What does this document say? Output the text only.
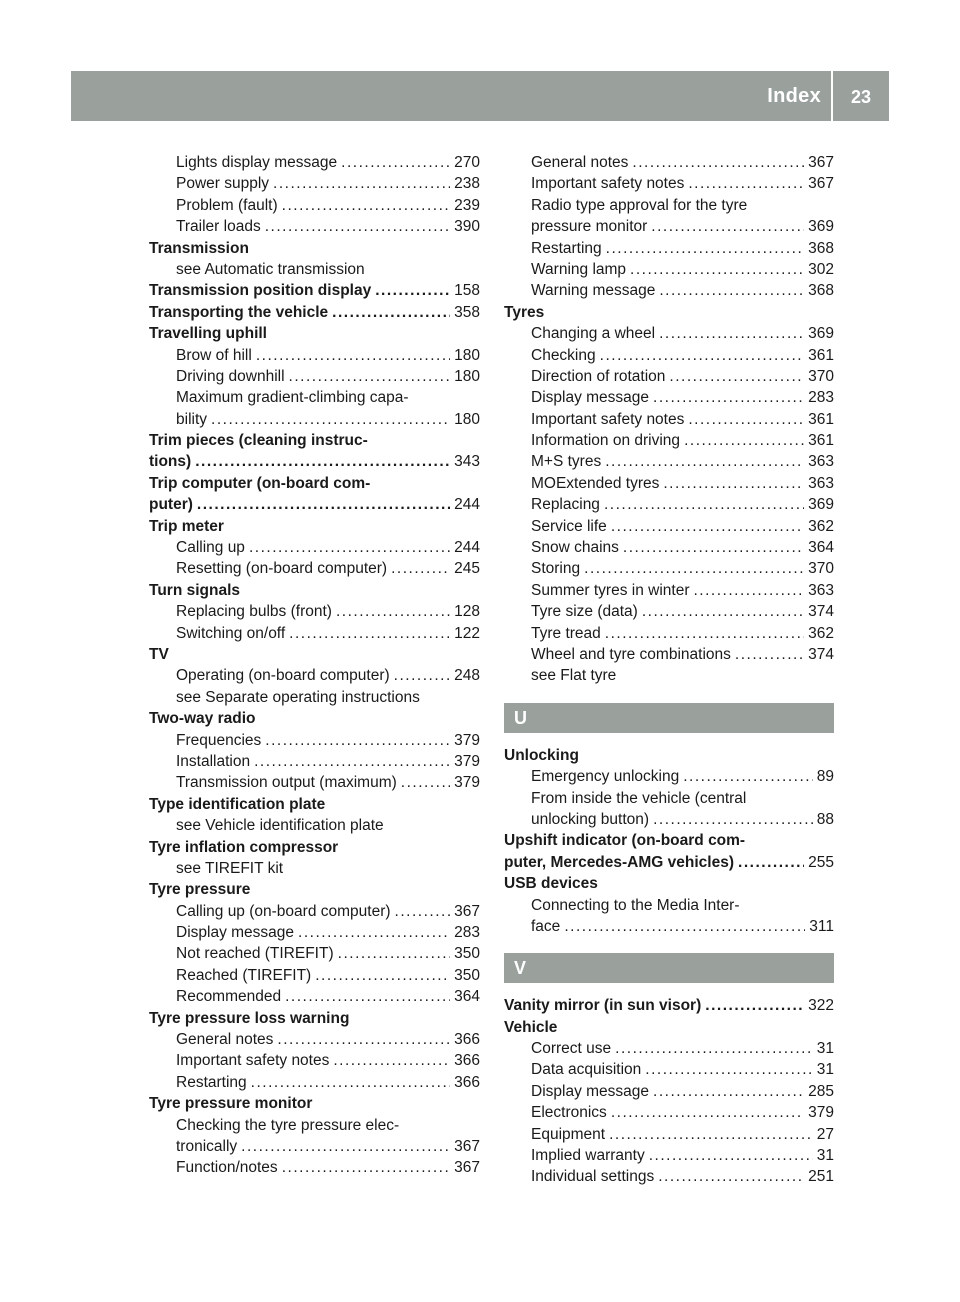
Index 23
Lights display message . . .	270
Power supply . . .	238
Problem (fault) . . .	239
Trailer loads . . .	390
Transmission
see Automatic transmission
Transmission position display . . .	158
Transporting the vehicle . . .	358
Travelling uphill
Brow of hill . . .	180
Driving downhill . . .	180
Maximum gradient-climbing capa-
bility . . .	180
Trim pieces (cleaning instruc-
tions) . . .	343
Trip computer (on-board com-
puter) . . .	244
Trip meter
Calling up . . .	244
Resetting (on-board computer) . . .	245
Turn signals
Replacing bulbs (front) . . .	128
Switching on/off . . .	122
TV
Operating (on-board computer) . . .	248
see Separate operating instructions
Two-way radio
Frequencies . . .	379
Installation . . .	379
Transmission output (maximum) . . .	379
Type identification plate
see Vehicle identification plate
Tyre inflation compressor
see TIREFIT kit
Tyre pressure
Calling up (on-board computer) . . .	367
Display message . . .	283
Not reached (TIREFIT) . . .	350
Reached (TIREFIT) . . .	350
Recommended . . .	364
Tyre pressure loss warning
General notes . . .	366
Important safety notes . . .	366
Restarting . . .	366
Tyre pressure monitor
Checking the tyre pressure elec-
tronically . . .	367
Function/notes . . .	367
General notes . . .	367
Important safety notes . . .	367
Radio type approval for the tyre
pressure monitor . . .	369
Restarting . . .	368
Warning lamp . . .	302
Warning message . . .	368
Tyres
Changing a wheel . . .	369
Checking . . .	361
Direction of rotation . . .	370
Display message . . .	283
Important safety notes . . .	361
Information on driving . . .	361
M+S tyres . . .	363
MOExtended tyres . . .	363
Replacing . . .	369
Service life . . .	362
Snow chains . . .	364
Storing . . .	370
Summer tyres in winter . . .	363
Tyre size (data) . . .	374
Tyre tread . . .	362
Wheel and tyre combinations . . .	374
see Flat tyre
U
Unlocking
Emergency unlocking . . .	89
From inside the vehicle (central
unlocking button) . . .	88
Upshift indicator (on-board com-
puter, Mercedes-AMG vehicles) . . .	255
USB devices
Connecting to the Media Inter-
face . . .	311
V
Vanity mirror (in sun visor) . . .	322
Vehicle
Correct use . . .	31
Data acquisition . . .	31
Display message . . .	285
Electronics . . .	379
Equipment . . .	27
Implied warranty . . .	31
Individual settings . . .	251
